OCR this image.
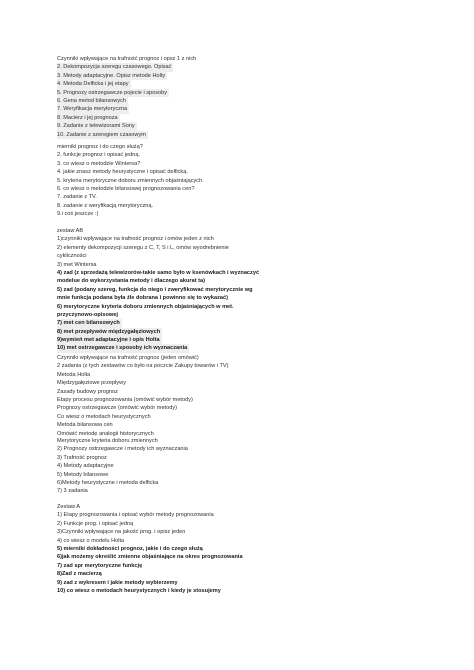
Czynniki wpływające na trafność prognoz i opsz 1 z nich
2. Dekompozycja szeregu czasowego. Opisać
3. Metody adaptacyjne. Opisz metode Holty
4. Metoda Delficka i jej etapy
5. Prognozy ostrzegawcze pojecie i sposoby
6. Gena metod bilansowych
7. Weryfikacja merytoryczna
8. Macierz i jej prognoza
9. Zadanie z telewizorami Sony
10. Zadanie z szeregiem czasowym
mierniki prognoz i do czego służą?
2. funkcje prognoz i opisać jedną.
3. co wiesz o metodzie Wintersa?
4. jakie znasz metody heurystyczne i opisać delficką.
5. kryteria merytoryczne doboru zmiennych objaśniających.
6. co wiesz o metodzie bilansowej prognozowania cen?
7. zadanie z TV.
8. zadanie z weryfikacją merytoryczną.
9.i coś jeszcze :)
zestaw AB
1)czynniki wpływające na trafność prognoz i omów jeden z nich
2) elementy dekompozycji szeregu z C, T, S i L, omów wyodrebnienie
cykliczności
3) met Wintersa
4) zad (z sprzedażą telewizorów-takie samo było w ksenówkach i wyznaczyć
modelue do wykorzystania metody i dlaczego akurat ta)
5) zad (podany szereg, funkcja do niego i zweryfikować merytorycznie wg
mnie funkcja podana była źle dobrana i powinno się to wykazać)
6) merytoryczne kryteria doboru zmiennych objaśniających w met.
przyczynowo-opisowej
7) met cen bilansowych
8) met przepływów międzygałęziowych
9)wymień met adaptacyjne i opis Holta
10) met ostrzegawcze i sposoby ich wyznaczania
Czynniki wpływające na trafność prognoz (jeden omówić)
2 zadania (z tych zestawów co było na poczcie Zakupy towarów i TV)
Metoda Holta
Międzygałęziowe przepływy
Zasady budowy prognoz
Etapy procesu prognozowania (omówić wybór metody)
Prognozy ostrzegawcze (omówić wybór metody)
Co wiesz o metodach heurystycznych
Metoda bilansowa cen
Omówić metodę analogii historycznych
Merytoryczne kryteria doboru zmiennych
2) Prognozy ostrzegawcze i metody ich wyznaczania
3) Trafność prognoz
4) Metody adaptacyjne
5) Metody bilansowe
6)Metody heurystyczne i metoda delficka
7) 3 zadania
Zestaw A
1) Etapy prognozowania i opisać wybór metody prognozowania
2) Funkcje prog. i opisać jedną
3)Czynniki wpływające na jakość prog. i opisz jeden
4) co wiesz o modelu Holta
5) mierniki dokładności prognoz, jakie i do czego służą
6)jak możemy określić zmienne objaśniające na okres prognozowania
7) zad spr merytoryczne funkcję
8)Zad z macierzą
9) zad z wykresem i jakie metody wybierzemy
10) co wiesz o metodach heurystycznych i kiedy je stosujemy
